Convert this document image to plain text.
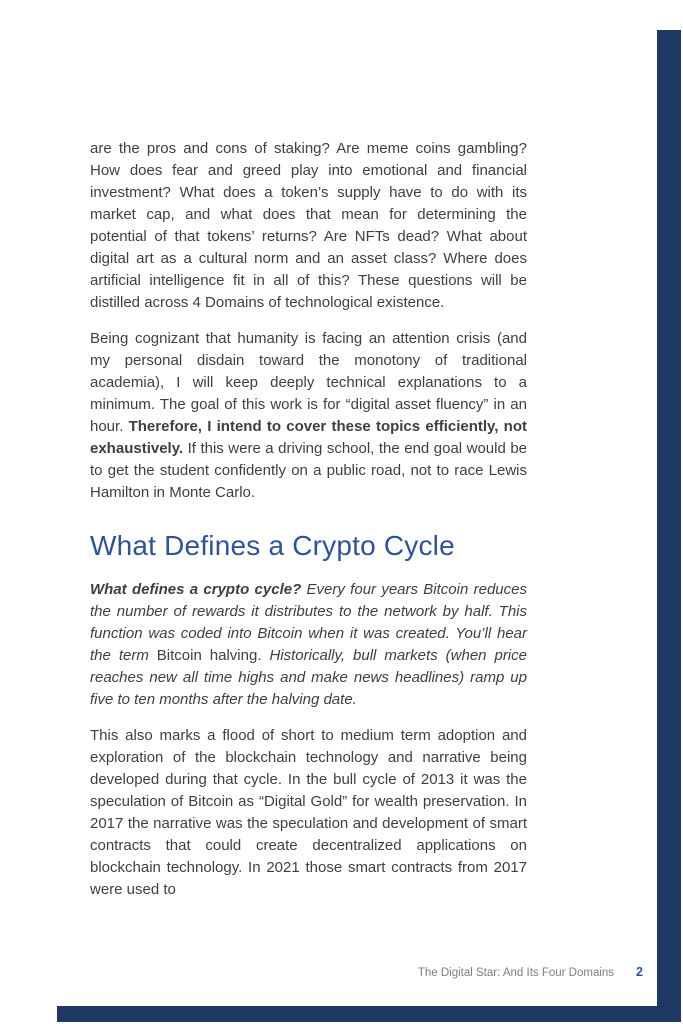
are the pros and cons of staking? Are meme coins gambling? How does fear and greed play into emotional and financial investment? What does a token’s supply have to do with its market cap, and what does that mean for determining the potential of that tokens’ returns? Are NFTs dead? What about digital art as a cultural norm and an asset class? Where does artificial intelligence fit in all of this? These questions will be distilled across 4 Domains of technological existence.

Being cognizant that humanity is facing an attention crisis (and my personal disdain toward the monotony of traditional academia), I will keep deeply technical explanations to a minimum. The goal of this work is for “digital asset fluency” in an hour. Therefore, I intend to cover these topics efficiently, not exhaustively. If this were a driving school, the end goal would be to get the student confidently on a public road, not to race Lewis Hamilton in Monte Carlo.

What Defines a Crypto Cycle

What defines a crypto cycle? Every four years Bitcoin reduces the number of rewards it distributes to the network by half. This function was coded into Bitcoin when it was created. You’ll hear the term Bitcoin halving. Historically, bull markets (when price reaches new all time highs and make news headlines) ramp up five to ten months after the halving date.

This also marks a flood of short to medium term adoption and exploration of the blockchain technology and narrative being developed during that cycle. In the bull cycle of 2013 it was the speculation of Bitcoin as “Digital Gold” for wealth preservation. In 2017 the narrative was the speculation and development of smart contracts that could create decentralized applications on blockchain technology. In 2021 those smart contracts from 2017 were used to

The Digital Star: And Its Four Domains 2
